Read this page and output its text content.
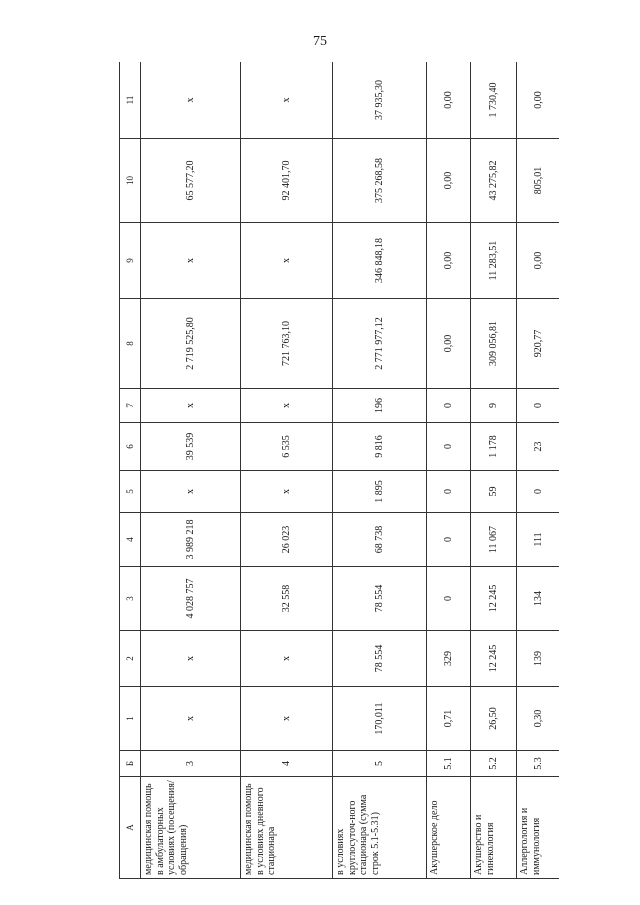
75
А	Б	1	2	3	4	5	6	7	8	9	10	11
медицинская помощь в амбулаторных условиях (посещения/ обращения)	3	х	х	4 028 757	3 989 218	х	39 539	х	2 719 525,80	х	65 577,20	х
медицинская помощь в условиях дневного стационара	4	х	х	32 558	26 023	х	6 535	х	721 763,10	х	92 401,70	х
в условиях круглосуточ-ного стационара (сумма строк 5.1-5.31)	5	170,011	78 554	78 554	68 738	1 895	9 816	196	2 771 977,12	346 848,18	375 268,58	37 935,30
Акушерское дело	5.1	0,71	329	0	0	0	0	0	0,00	0,00	0,00	0,00
Акушерство и гинекология	5.2	26,50	12 245	12 245	11 067	59	1 178	9	309 056,81	11 283,51	43 275,82	1 730,40
Аллергология и иммунология	5.3	0,30	139	134	111	0	23	0	920,77	0,00	805,01	0,00
